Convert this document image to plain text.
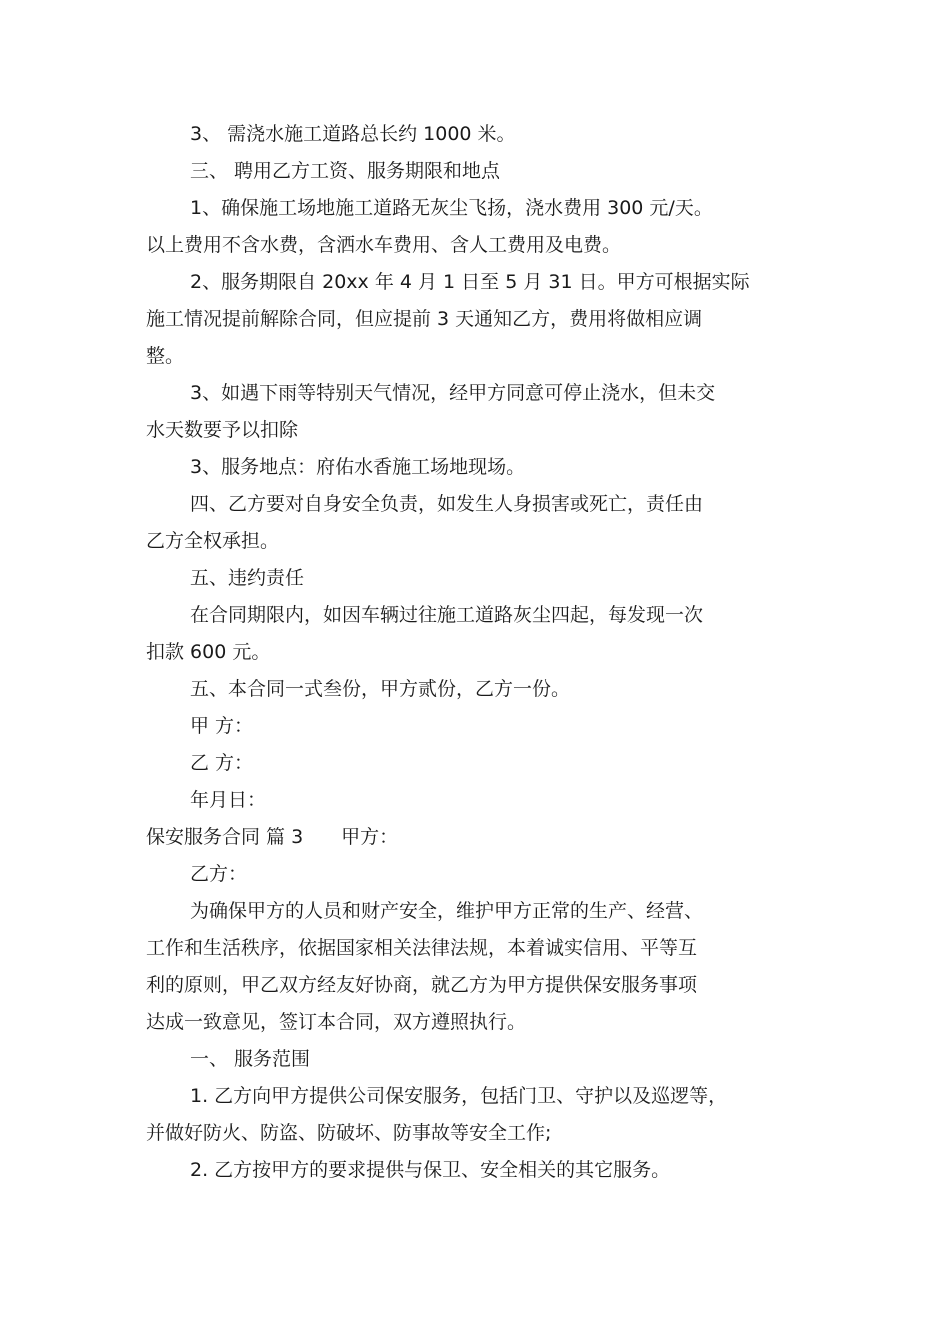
3、 需浇水施工道路总长约 1000 米。

三、 聘用乙方工资、服务期限和地点

1、确保施工场地施工道路无灰尘飞扬，浇水费用 300 元/天。

以上费用不含水费，含洒水车费用、含人工费用及电费。

2、服务期限自 20xx 年 4 月 1 日至 5 月 31 日。甲方可根据实际

施工情况提前解除合同，但应提前 3 天通知乙方，费用将做相应调

整。

3、如遇下雨等特别天气情况，经甲方同意可停止浇水，但未交

水天数要予以扣除

3、服务地点：府佑水香施工场地现场。

四、乙方要对自身安全负责，如发生人身损害或死亡，责任由

乙方全权承担。

五、违约责任

在合同期限内，如因车辆过往施工道路灰尘四起，每发现一次

扣款 600 元。

五、本合同一式叁份，甲方贰份，乙方一份。

甲 方：

乙 方：

年月日：

保安服务合同 篇 3　　甲方：

乙方：

为确保甲方的人员和财产安全，维护甲方正常的生产、经营、

工作和生活秩序，依据国家相关法律法规，本着诚实信用、平等互

利的原则，甲乙双方经友好协商，就乙方为甲方提供保安服务事项

达成一致意见，签订本合同，双方遵照执行。

一、 服务范围

1. 乙方向甲方提供公司保安服务，包括门卫、守护以及巡逻等，

并做好防火、防盗、防破坏、防事故等安全工作;

2. 乙方按甲方的要求提供与保卫、安全相关的其它服务。
